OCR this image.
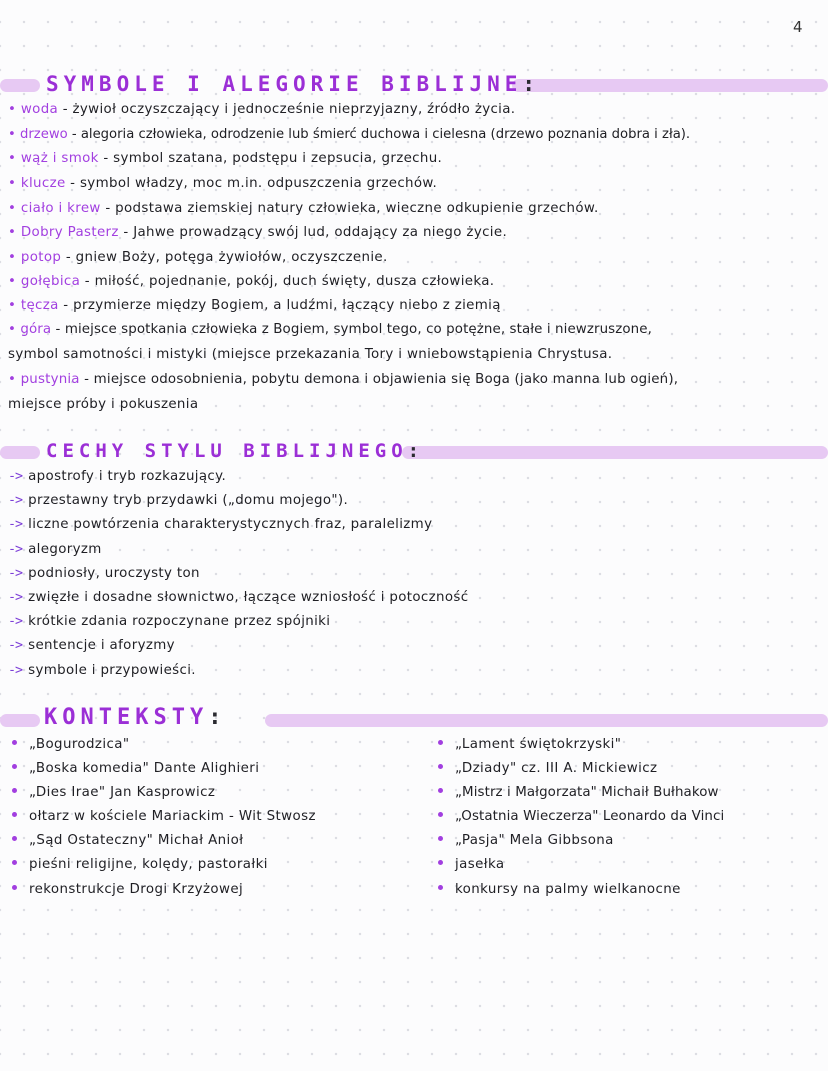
4
SYMBOLE I ALEGORIE BIBLIJNE:
• woda - żywioł oczyszczający i jednocześnie nieprzyjazny, źródło życia.
• drzewo - alegoria człowieka, odrodzenie lub śmierć duchowa i cielesna (drzewo poznania dobra i zła).
• wąż i smok - symbol szatana, podstępu i zepsucia, grzechu.
• klucze - symbol władzy, moc m.in. odpuszczenia grzechów.
• ciało i krew - podstawa ziemskiej natury człowieka, wieczne odkupienie grzechów.
• Dobry Pasterz - Jahwe prowadzący swój lud, oddający za niego życie.
• potop - gniew Boży, potęga żywiołów, oczyszczenie.
• gołębica - miłość, pojednanie, pokój, duch święty, dusza człowieka.
• tęcza - przymierze między Bogiem, a ludźmi, łączący niebo z ziemią
• góra - miejsce spotkania człowieka z Bogiem, symbol tego, co potężne, stałe i niewzruszone,
symbol samotności i mistyki (miejsce przekazania Tory i wniebowstąpienia Chrystusa.
• pustynia - miejsce odosobnienia, pobytu demona i objawienia się Boga (jako manna lub ogień),
miejsce próby i pokuszenia
CECHY STYLU BIBLIJNEGO:
-> apostrofy i tryb rozkazujący.
-> przestawny tryb przydawki („domu mojego").
-> liczne powtórzenia charakterystycznych fraz, paralelizmy
-> alegoryzm
-> podniosły, uroczysty ton
-> zwięzłe i dosadne słownictwo, łączące wzniosłość i potoczność
-> krótkie zdania rozpoczynane przez spójniki
-> sentencje i aforyzmy
-> symbole i przypowieści.
KONTEKSTY:
„Bogurodzica"
„Boska komedia" Dante Alighieri
„Dies Irae" Jan Kasprowicz
ołtarz w kościele Mariackim - Wit Stwosz
„Sąd Ostateczny" Michał Anioł
pieśni religijne, kolędy, pastorałki
rekonstrukcje Drogi Krzyżowej
„Lament świętokrzyski"
„Dziady" cz. III A. Mickiewicz
„Mistrz i Małgorzata" Michaił Bułhakow
„Ostatnia Wieczerza" Leonardo da Vinci
„Pasja" Mela Gibbsona
jasełka
konkursy na palmy wielkanocne
